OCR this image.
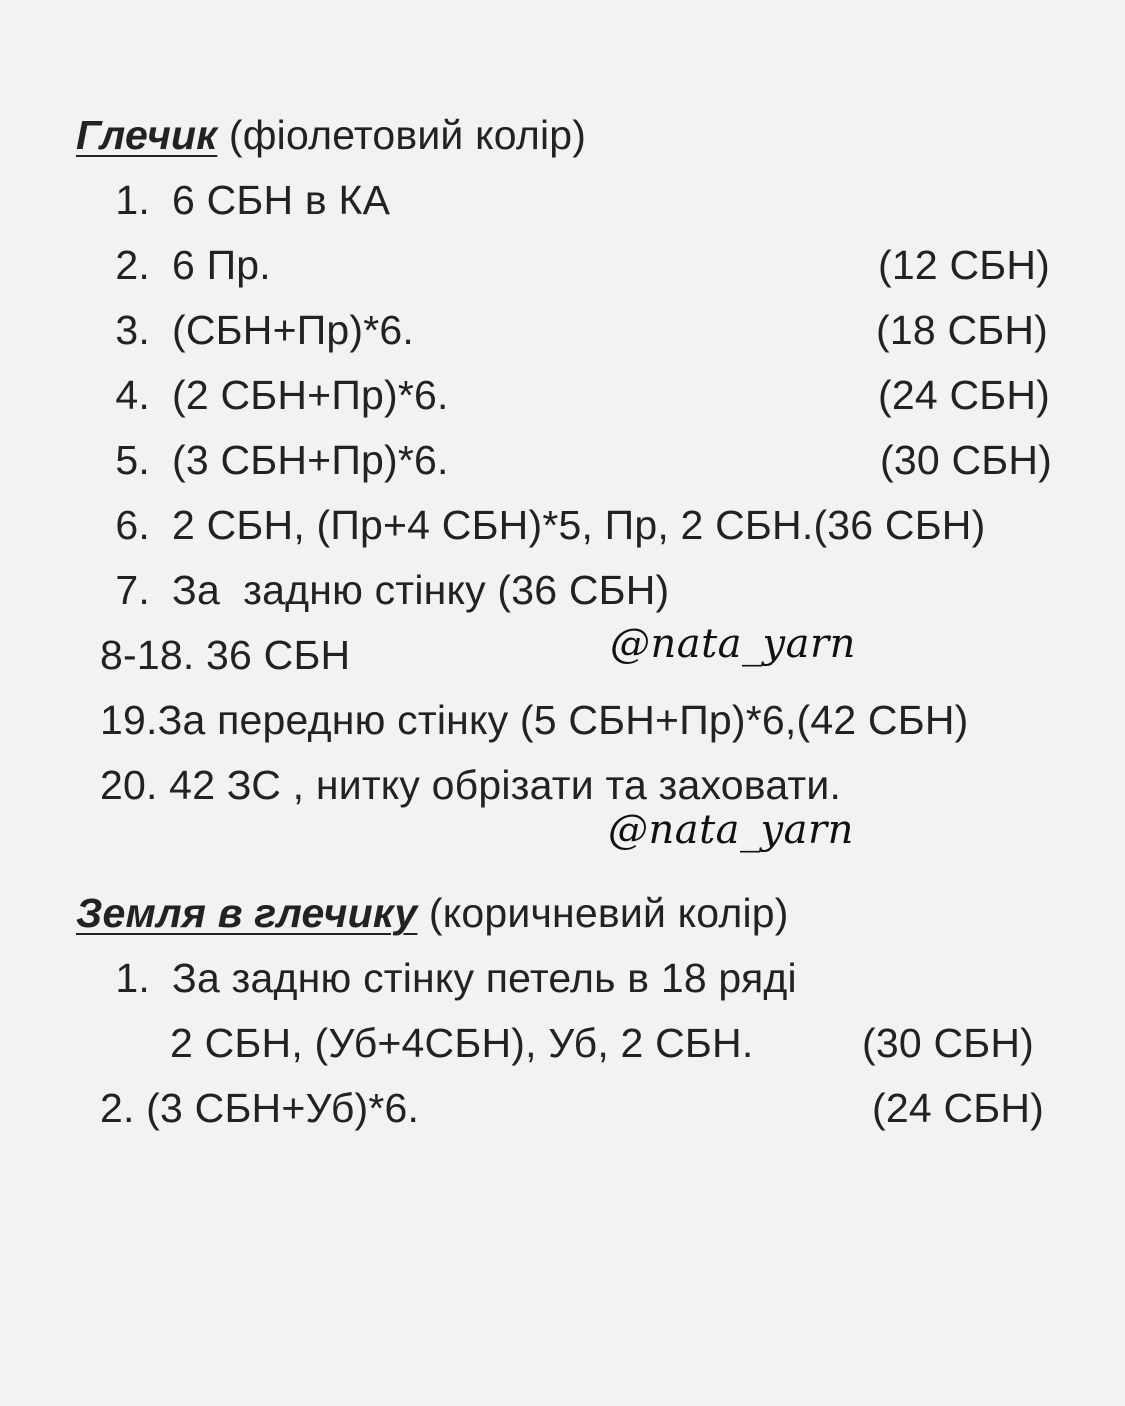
Глечик (фіолетовий колір)
1. 6 СБН в КА
2. 6 Пр.	(12 СБН)
3. (СБН+Пр)*6.	(18 СБН)
4. (2 СБН+Пр)*6.	(24 СБН)
5. (3 СБН+Пр)*6.	(30 СБН)
6. 2 СБН, (Пр+4 СБН)*5, Пр, 2 СБН.(36 СБН)
7. За  задню стінку (36 СБН)
8-18. 36 СБН	@nata_yarn
19.За передню стінку (5 СБН+Пр)*6,(42 СБН)
20. 42 ЗС , нитку обрізати та заховати.
@nata_yarn
Земля в глечику (коричневий колір)
1. За задню стінку петель в 18 ряді
2 СБН, (Уб+4СБН), Уб, 2 СБН.	(30 СБН)
2. (3 СБН+Уб)*6.	(24 СБН)
